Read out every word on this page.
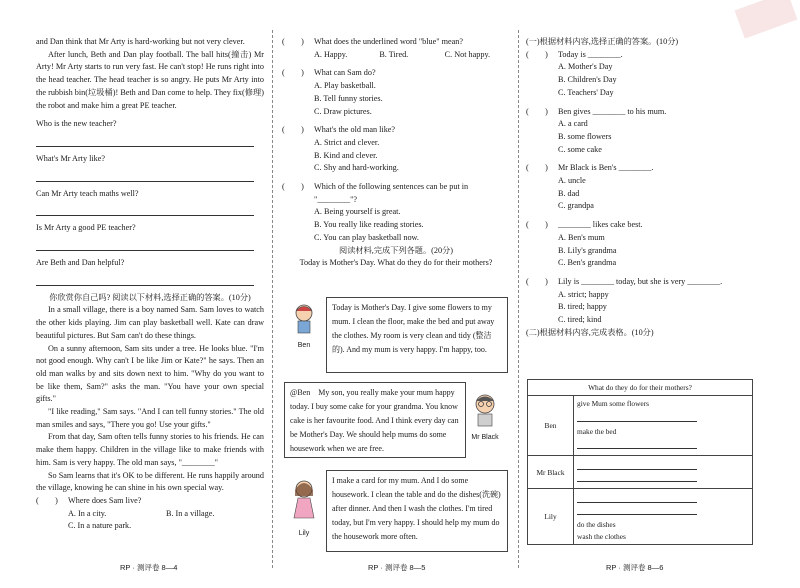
and Dan think that Mr Arty is hard-working but not very clever.

After lunch, Beth and Dan play football. The ball hits(撞击) Mr Arty! Mr Arty starts to run very fast. He can't stop! He runs right into the head teacher. The head teacher is so angry. He puts Mr Arty into the rubbish bin(垃圾桶)! Beth and Dan come to help. They fix(修理) the robot and make him a great PE teacher.

Who is the new teacher?
What's Mr Arty like?
Can Mr Arty teach maths well?
Is Mr Arty a good PE teacher?
Are Beth and Dan helpful?
你欣赏你自己吗? 阅读以下材料,选择正确的答案。(10分)

In a small village, there is a boy named Sam. Sam loves to watch the other kids playing. Jim can play basketball well. Kate can draw beautiful pictures. But Sam can't do these things.

On a sunny afternoon, Sam sits under a tree. He looks blue. "I'm not good enough. Why can't I be like Jim or Kate?" he says. Then an old man walks by and sits down next to him. "Why do you want to be like them, Sam?" asks the man. "You have your own special gifts."

"I like reading," Sam says. "And I can tell funny stories." The old man smiles and says, "There you go! Use your gifts."

From that day, Sam often tells funny stories to his friends. He can make them happy. Children in the village like to make friends with him. Sam is very happy. The old man says, "________"

So Sam learns that it's OK to be different. He runs happily around the village, knowing he can shine in his own special way.

(　　)	Where does Sam live?
A. In a city.	B. In a village.
C. In a nature park.
(　　)	What does the underlined word "blue" mean?
A. Happy.	B. Tired.	C. Not happy.
(　　)	What can Sam do?
A. Play basketball.
B. Tell funny stories.
C. Draw pictures.
(　　)	What's the old man like?
A. Strict and clever.
B. Kind and clever.
C. Shy and hard-working.
(　　)	Which of the following sentences can be put in "________"?
A. Being yourself is great.
B. You really like reading stories.
C. You can play basketball now.
阅读材料,完成下列各题。(20分)
Today is Mother's Day. What do they do for their mothers?
Ben
Today is Mother's Day. I give some flowers to my mum. I clean the floor, make the bed and put away the clothes. My room is very clean and tidy (整洁的). And my mum is very happy. I'm happy, too.
@Ben　My son, you really make your mum happy today. I buy some cake for your grandma. You know cake is her favourite food. And I think every day can be Mother's Day. We should help mums do some housework when we are free.
Mr Black
Lily
I make a card for my mum. And I do some housework. I clean the table and do the dishes(洗碗) after dinner. And then I wash the clothes. I'm tired today, but I'm very happy. I should help my mum do the housework more often.
(一)根据材料内容,选择正确的答案。(10分)
(　　)	Today is ________.
A. Mother's Day
B. Children's Day
C. Teachers' Day
(　　)	Ben gives ________ to his mum.
A. a card
B. some flowers
C. some cake
(　　)	Mr Black is Ben's ________.
A. uncle
B. dad
C. grandpa
(　　)	________ likes cake best.
A. Ben's mum
B. Lily's grandma
C. Ben's grandma
(　　)	Lily is ________ today, but she is very ________.
A. strict; happy
B. tired; happy
C. tired; kind
(二)根据材料内容,完成表格。(10分)
What do they do for their mothers?	
Ben	give Mum some flowers
make the bed

Mr Black	

Lily	do the dishes
wash the clothes
RP · 测评卷 8—4	RP · 测评卷 8—5	RP · 测评卷 8—6
